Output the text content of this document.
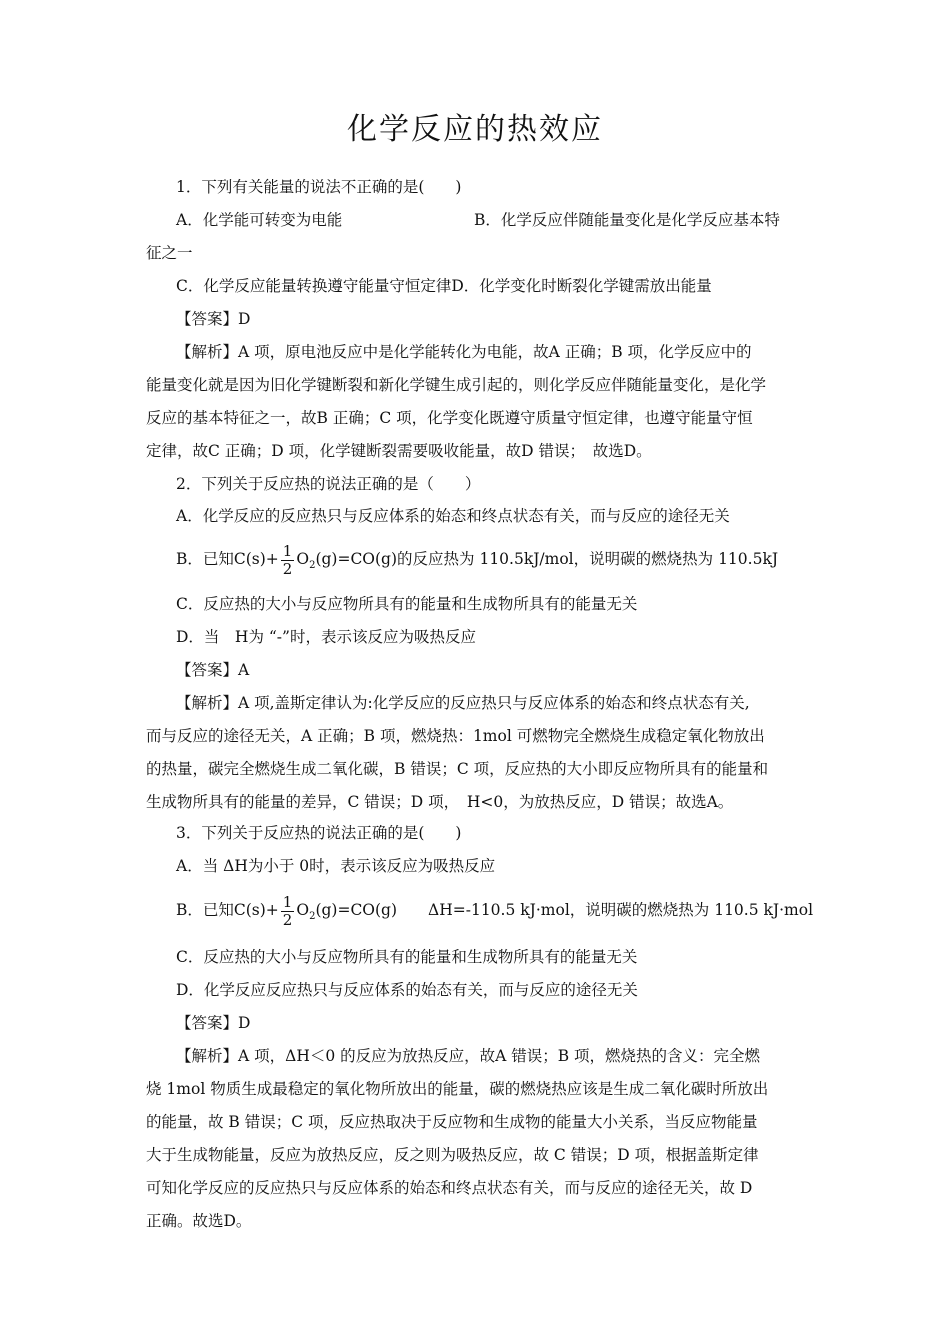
化学反应的热效应
1．下列有关能量的说法不正确的是(　　)
A．化学能可转变为电能	B．化学反应伴随能量变化是化学反应基本特
征之一
C．化学反应能量转换遵守能量守恒定律D．化学变化时断裂化学键需放出能量
【答案】D
【解析】A 项，原电池反应中是化学能转化为电能，故A 正确；B 项，化学反应中的
能量变化就是因为旧化学键断裂和新化学键生成引起的，则化学反应伴随能量变化，是化学
反应的基本特征之一，故B 正确；C 项，化学变化既遵守质量守恒定律，也遵守能量守恒
定律，故C 正确；D 项，化学键断裂需要吸收能量，故D 错误；　故选D。
2．下列关于反应热的说法正确的是（　　）
A．化学反应的反应热只与反应体系的始态和终点状态有关，而与反应的途径无关
B．已知$C(s)+ \frac{1}{2} O_2(g)=CO(g)$的反应热为 110.5kJ/mol，说明碳的燃烧热为 110.5kJ
C．反应热的大小与反应物所具有的能量和生成物所具有的能量无关
D．当　H为 “-”时，表示该反应为吸热反应
【答案】A
【解析】A 项,盖斯定律认为:化学反应的反应热只与反应体系的始态和终点状态有关,
而与反应的途径无关，A 正确；B 项，燃烧热：1mol 可燃物完全燃烧生成稳定氧化物放出
的热量，碳完全燃烧生成二氧化碳，B 错误；C 项，反应热的大小即反应物所具有的能量和
生成物所具有的能量的差异，C 错误；D 项，　H<0，为放热反应，D 错误；故选A。
3．下列关于反应热的说法正确的是(　　)
A．当 ΔH为小于 0时，表示该反应为吸热反应
B．已知$C(s)+ \frac{1}{2} O_2(g)=CO(g)$　　ΔH=-110.5 kJ·mol，说明碳的燃烧热为 110.5 kJ·mol
C．反应热的大小与反应物所具有的能量和生成物所具有的能量无关
D．化学反应反应热只与反应体系的始态有关，而与反应的途径无关
【答案】D
【解析】A 项，ΔH＜0 的反应为放热反应，故A 错误；B 项，燃烧热的含义：完全燃
烧 1mol 物质生成最稳定的氧化物所放出的能量，碳的燃烧热应该是生成二氧化碳时所放出
的能量，故 B 错误；C 项，反应热取决于反应物和生成物的能量大小关系，当反应物能量
大于生成物能量，反应为放热反应，反之则为吸热反应，故 C 错误；D 项，根据盖斯定律
可知化学反应的反应热只与反应体系的始态和终点状态有关，而与反应的途径无关，故 D
正确。故选D。
